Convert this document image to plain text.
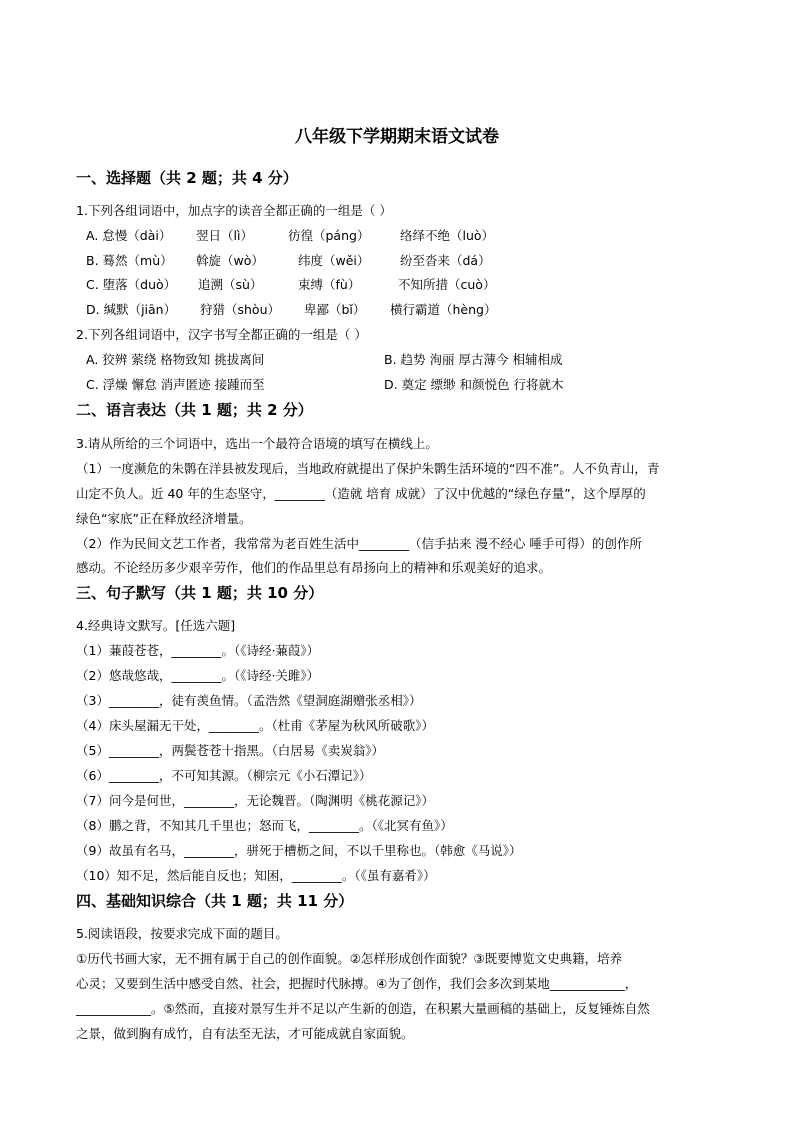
八年级下学期期末语文试卷
一、选择题（共 2 题；共 4 分）
1.下列各组词语中，加点字的读音全都正确的一组是（ ）
A. 怠慢（dài） 翌日（lì）	彷徨（páng） 络绎不绝（luò）
B. 蓦然（mù） 斡旋（wò）	纬度（wěi） 纷至沓来（dá）
C. 堕落（duò） 追溯（sù）	束缚（fù）	不知所措（cuò）
D. 缄默（jiān） 狩猎（shòu） 卑鄙（bǐ） 横行霸道（hèng）
2.下列各组词语中，汉字书写全都正确的一组是（ ）
A. 狡辨 萦绕 格物致知 挑拔离间	B. 趋势 洵丽 厚古薄今 相辅相成
C. 浮燥 懈怠 消声匿迹 接踵而至	D. 奠定 缥缈 和颜悦色 行将就木
二、语言表达（共 1 题；共 2 分）
3.请从所给的三个词语中，选出一个最符合语境的填写在横线上。
（1）一度濒危的朱鹮在洋县被发现后，当地政府就提出了保护朱鹮生活环境的“四不准”。人不负青山，青
山定不负人。近 40 年的生态坚守，________（造就 培育 成就）了汉中优越的“绿色存量”，这个厚厚的
绿色“家底”正在释放经济增量。
（2）作为民间文艺工作者，我常常为老百姓生活中________（信手拈来 漫不经心 唾手可得）的创作所
感动。不论经历多少艰辛劳作，他们的作品里总有昂扬向上的精神和乐观美好的追求。
三、句子默写（共 1 题；共 10 分）
4.经典诗文默写。[任选六题]
（1）蒹葭苍苍，________。（《诗经·蒹葭》）
（2）悠哉悠哉，________。（《诗经·关雎》）
（3）________，徒有羡鱼情。（孟浩然《望洞庭湖赠张丞相》）
（4）床头屋漏无干处，________。（杜甫《茅屋为秋风所破歌》）
（5）________，两鬓苍苍十指黑。（白居易《卖炭翁》）
（6）________，不可知其源。（柳宗元《小石潭记》）
（7）问今是何世，________，无论魏晋。（陶渊明《桃花源记》）
（8）鹏之背，不知其几千里也；怒而飞，________。（《北冥有鱼》）
（9）故虽有名马，________，骈死于槽枥之间，不以千里称也。（韩愈《马说》）
（10）知不足，然后能自反也；知困，________。（《虽有嘉肴》）
四、基础知识综合（共 1 题；共 11 分）
5.阅读语段，按要求完成下面的题目。
①历代书画大家，无不拥有属于自己的创作面貌。②怎样形成创作面貌？③既要博览文史典籍，培养
心灵；又要到生活中感受自然、社会，把握时代脉搏。④为了创作，我们会多次到某地____________，
____________。⑤然而，直接对景写生并不足以产生新的创造，在积累大量画稿的基础上，反复锤炼自然
之景，做到胸有成竹，自有法至无法，才可能成就自家面貌。
